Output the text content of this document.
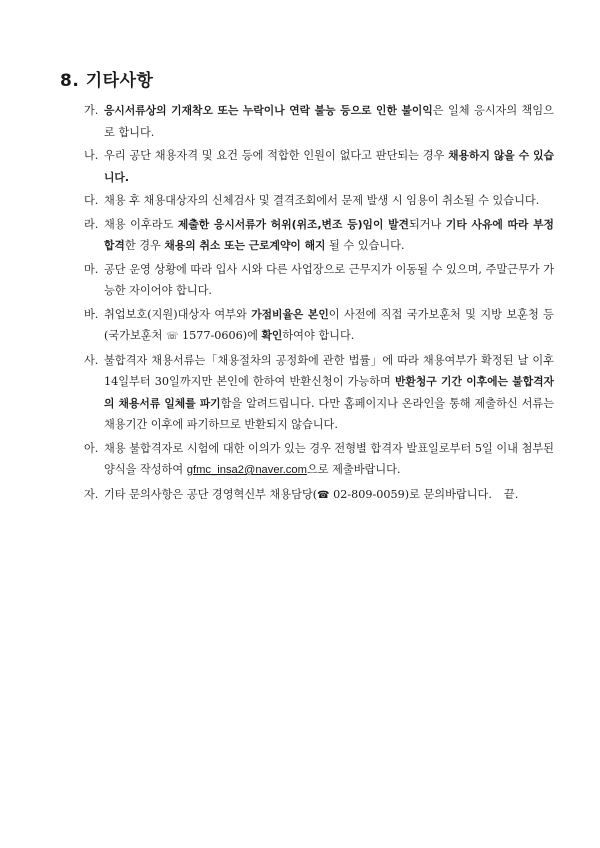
8. 기타사항
가. 응시서류상의 기재착오 또는 누락이나 연락 불능 등으로 인한 불이익은 일체 응시자의 책임으로 합니다.
나. 우리 공단 채용자격 및 요건 등에 적합한 인원이 없다고 판단되는 경우 채용하지 않을 수 있습니다.
다. 채용 후 채용대상자의 신체검사 및 결격조회에서 문제 발생 시 임용이 취소될 수 있습니다.
라. 채용 이후라도 제출한 응시서류가 허위(위조,변조 등)임이 발견되거나 기타 사유에 따라 부정 합격한 경우 채용의 취소 또는 근로계약이 해지 될 수 있습니다.
마. 공단 운영 상황에 따라 입사 시와 다른 사업장으로 근무지가 이동될 수 있으며, 주말근무가 가능한 자이어야 합니다.
바. 취업보호(지원)대상자 여부와 가점비율은 본인이 사전에 직접 국가보훈처 및 지방 보훈청 등(국가보훈처 ☏ 1577-0606)에 확인하여야 합니다.
사. 불합격자 채용서류는「채용절차의 공정화에 관한 법률」에 따라 채용여부가 확정된 날 이후 14일부터 30일까지만 본인에 한하여 반환신청이 가능하며 반환청구 기간 이후에는 불합격자의 채용서류 일체를 파기함을 알려드립니다. 다만 홈페이지나 온라인을 통해 제출하신 서류는 채용기간 이후에 파기하므로 반환되지 않습니다.
아. 채용 불합격자로 시험에 대한 이의가 있는 경우 전형별 합격자 발표일로부터 5일 이내 첨부된 양식을 작성하여 gfmc_insa2@naver.com으로 제출바랍니다.
자. 기타 문의사항은 공단 경영혁신부 채용담당(☎ 02-809-0059)로 문의바랍니다. 끝.
